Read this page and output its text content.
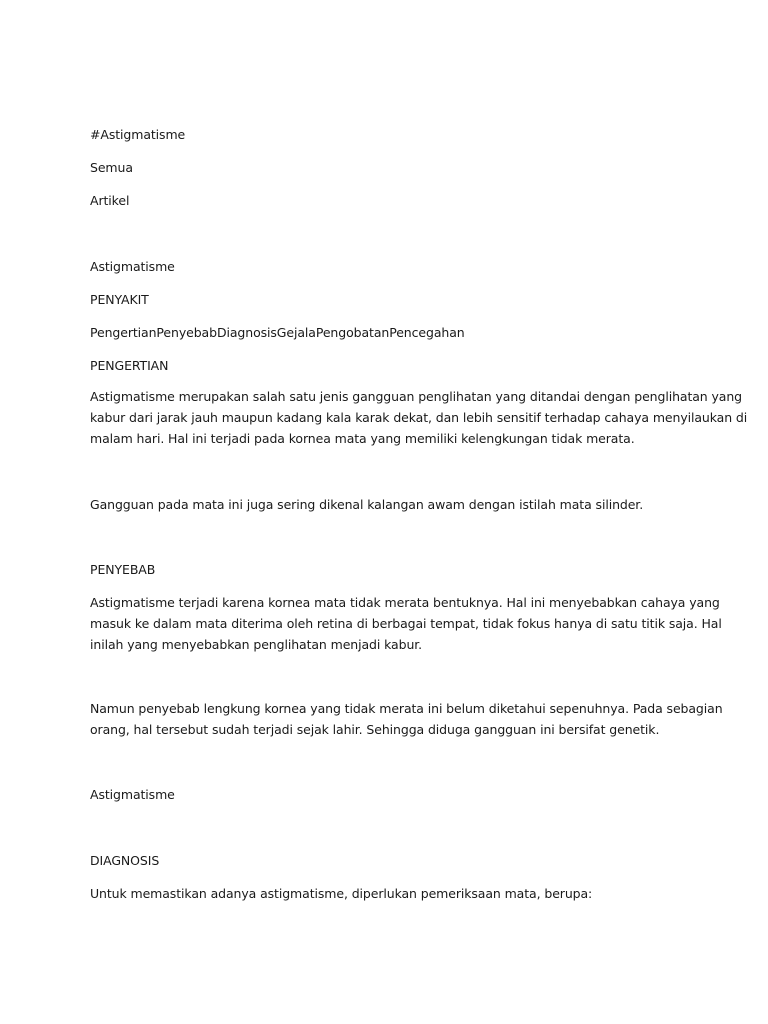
#Astigmatisme
Semua
Artikel
Astigmatisme
PENYAKIT
PengertianPenyebabDiagnosisGejalaPengobatanPencegahan
PENGERTIAN
Astigmatisme merupakan salah satu jenis gangguan penglihatan yang ditandai dengan penglihatan yang
kabur dari jarak jauh maupun kadang kala karak dekat, dan lebih sensitif terhadap cahaya menyilaukan di
malam hari. Hal ini terjadi pada kornea mata yang memiliki kelengkungan tidak merata.
Gangguan pada mata ini juga sering dikenal kalangan awam dengan istilah mata silinder.
PENYEBAB
Astigmatisme terjadi karena kornea mata tidak merata bentuknya. Hal ini menyebabkan cahaya yang
masuk ke dalam mata diterima oleh retina di berbagai tempat, tidak fokus hanya di satu titik saja. Hal
inilah yang menyebabkan penglihatan menjadi kabur.
Namun penyebab lengkung kornea yang tidak merata ini belum diketahui sepenuhnya. Pada sebagian
orang, hal tersebut sudah terjadi sejak lahir. Sehingga diduga gangguan ini bersifat genetik.
Astigmatisme
DIAGNOSIS
Untuk memastikan adanya astigmatisme, diperlukan pemeriksaan mata, berupa:
